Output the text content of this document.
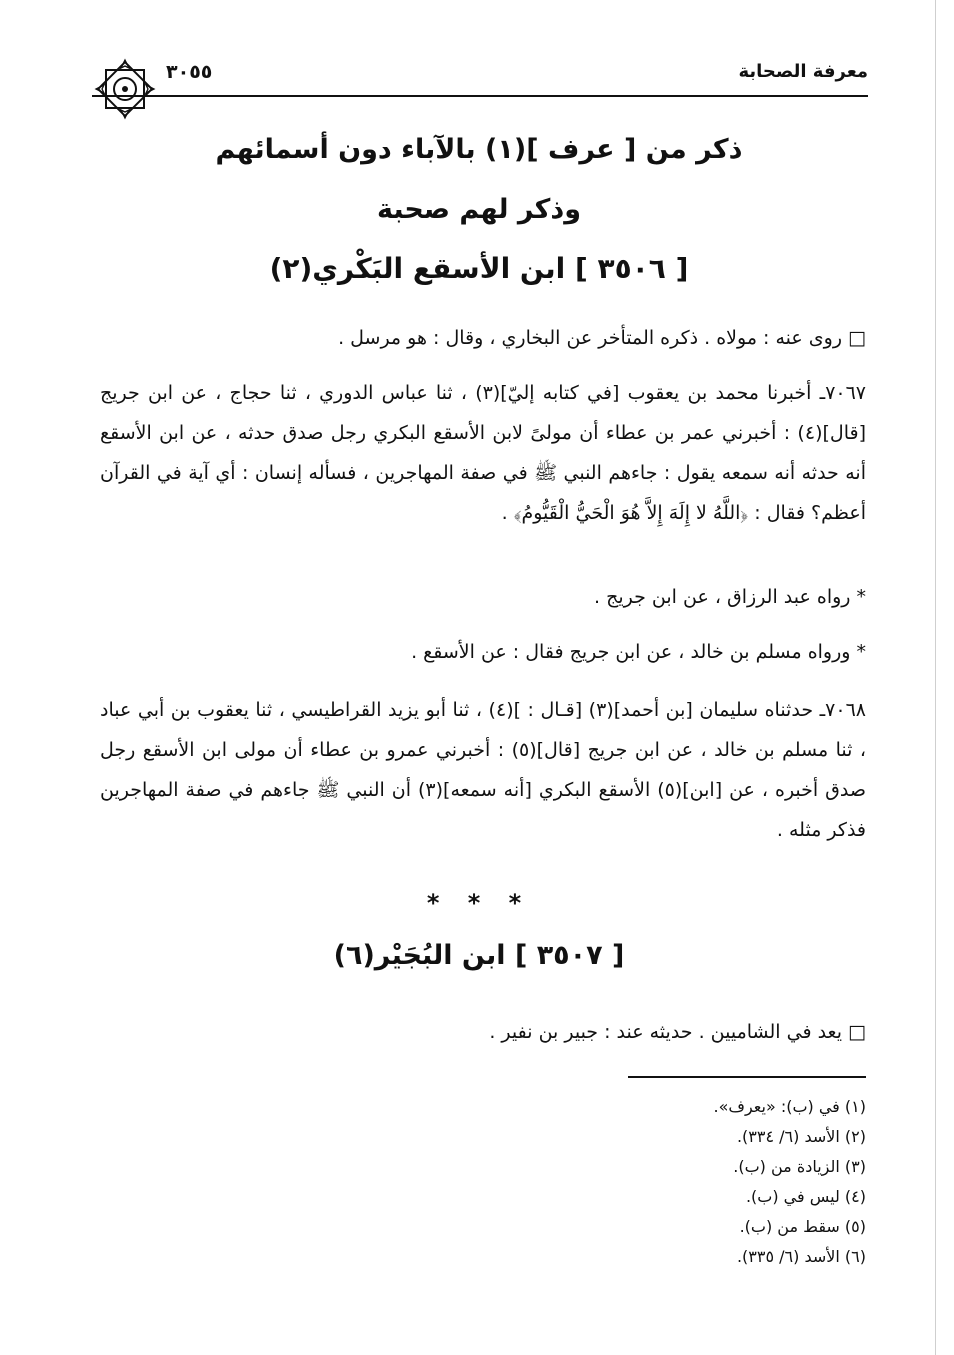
معرفة الصحابة
٣٠٥٥
ذكر من [ عرف ](١) بالآباء دون أسمائهم
وذكر لهم صحبة
[ ٣٥٠٦ ] ابن الأسقع البَكْري(٢)
□ روى عنه : مولاه . ذكره المتأخر عن البخاري ، وقال : هو مرسل .
٧٠٦٧ـ أخبرنا محمد بن يعقوب [في كتابه إليّ](٣) ، ثنا عباس الدوري ، ثنا حجاج ، عن ابن جريج [قال](٤) : أخبرني عمر بن عطاء أن مولىً لابن الأسقع البكري رجل صدق حدثه ، عن ابن الأسقع أنه حدثه أنه سمعه يقول : جاءهم النبي ﷺ في صفة المهاجرين ، فسأله إنسان : أي آية في القرآن أعظم؟ فقال : ﴿اللَّهُ لا إِلَهَ إِلاَّ هُوَ الْحَيُّ الْقَيُّومُ﴾ .
* رواه عبد الرزاق ، عن ابن جريج .
* ورواه مسلم بن خالد ، عن ابن جريج فقال : عن الأسقع .
٧٠٦٨ـ حدثناه سليمان [بن أحمد](٣) [قـال : ](٤) ، ثنا أبو يزيد القراطيسي ، ثنا يعقوب بن أبي عباد ، ثنا مسلم بن خالد ، عن ابن جريج [قال](٥) : أخبرني عمرو بن عطاء أن مولى ابن الأسقع رجل صدق أخبره ، عن [ابن](٥) الأسقع البكري [أنه سمعه](٣) أن النبي ﷺ جاءهم في صفة المهاجرين فذكر مثله .
* * *
[ ٣٥٠٧ ] ابن البُجَيْر(٦)
□ يعد في الشاميين . حديثه عند : جبير بن نفير .
(١) في (ب): «يعرف».
(٢) الأسد (٦/ ٣٣٤).
(٣) الزيادة من (ب).
(٤) ليس في (ب).
(٥) سقط من (ب).
(٦) الأسد (٦/ ٣٣٥).
